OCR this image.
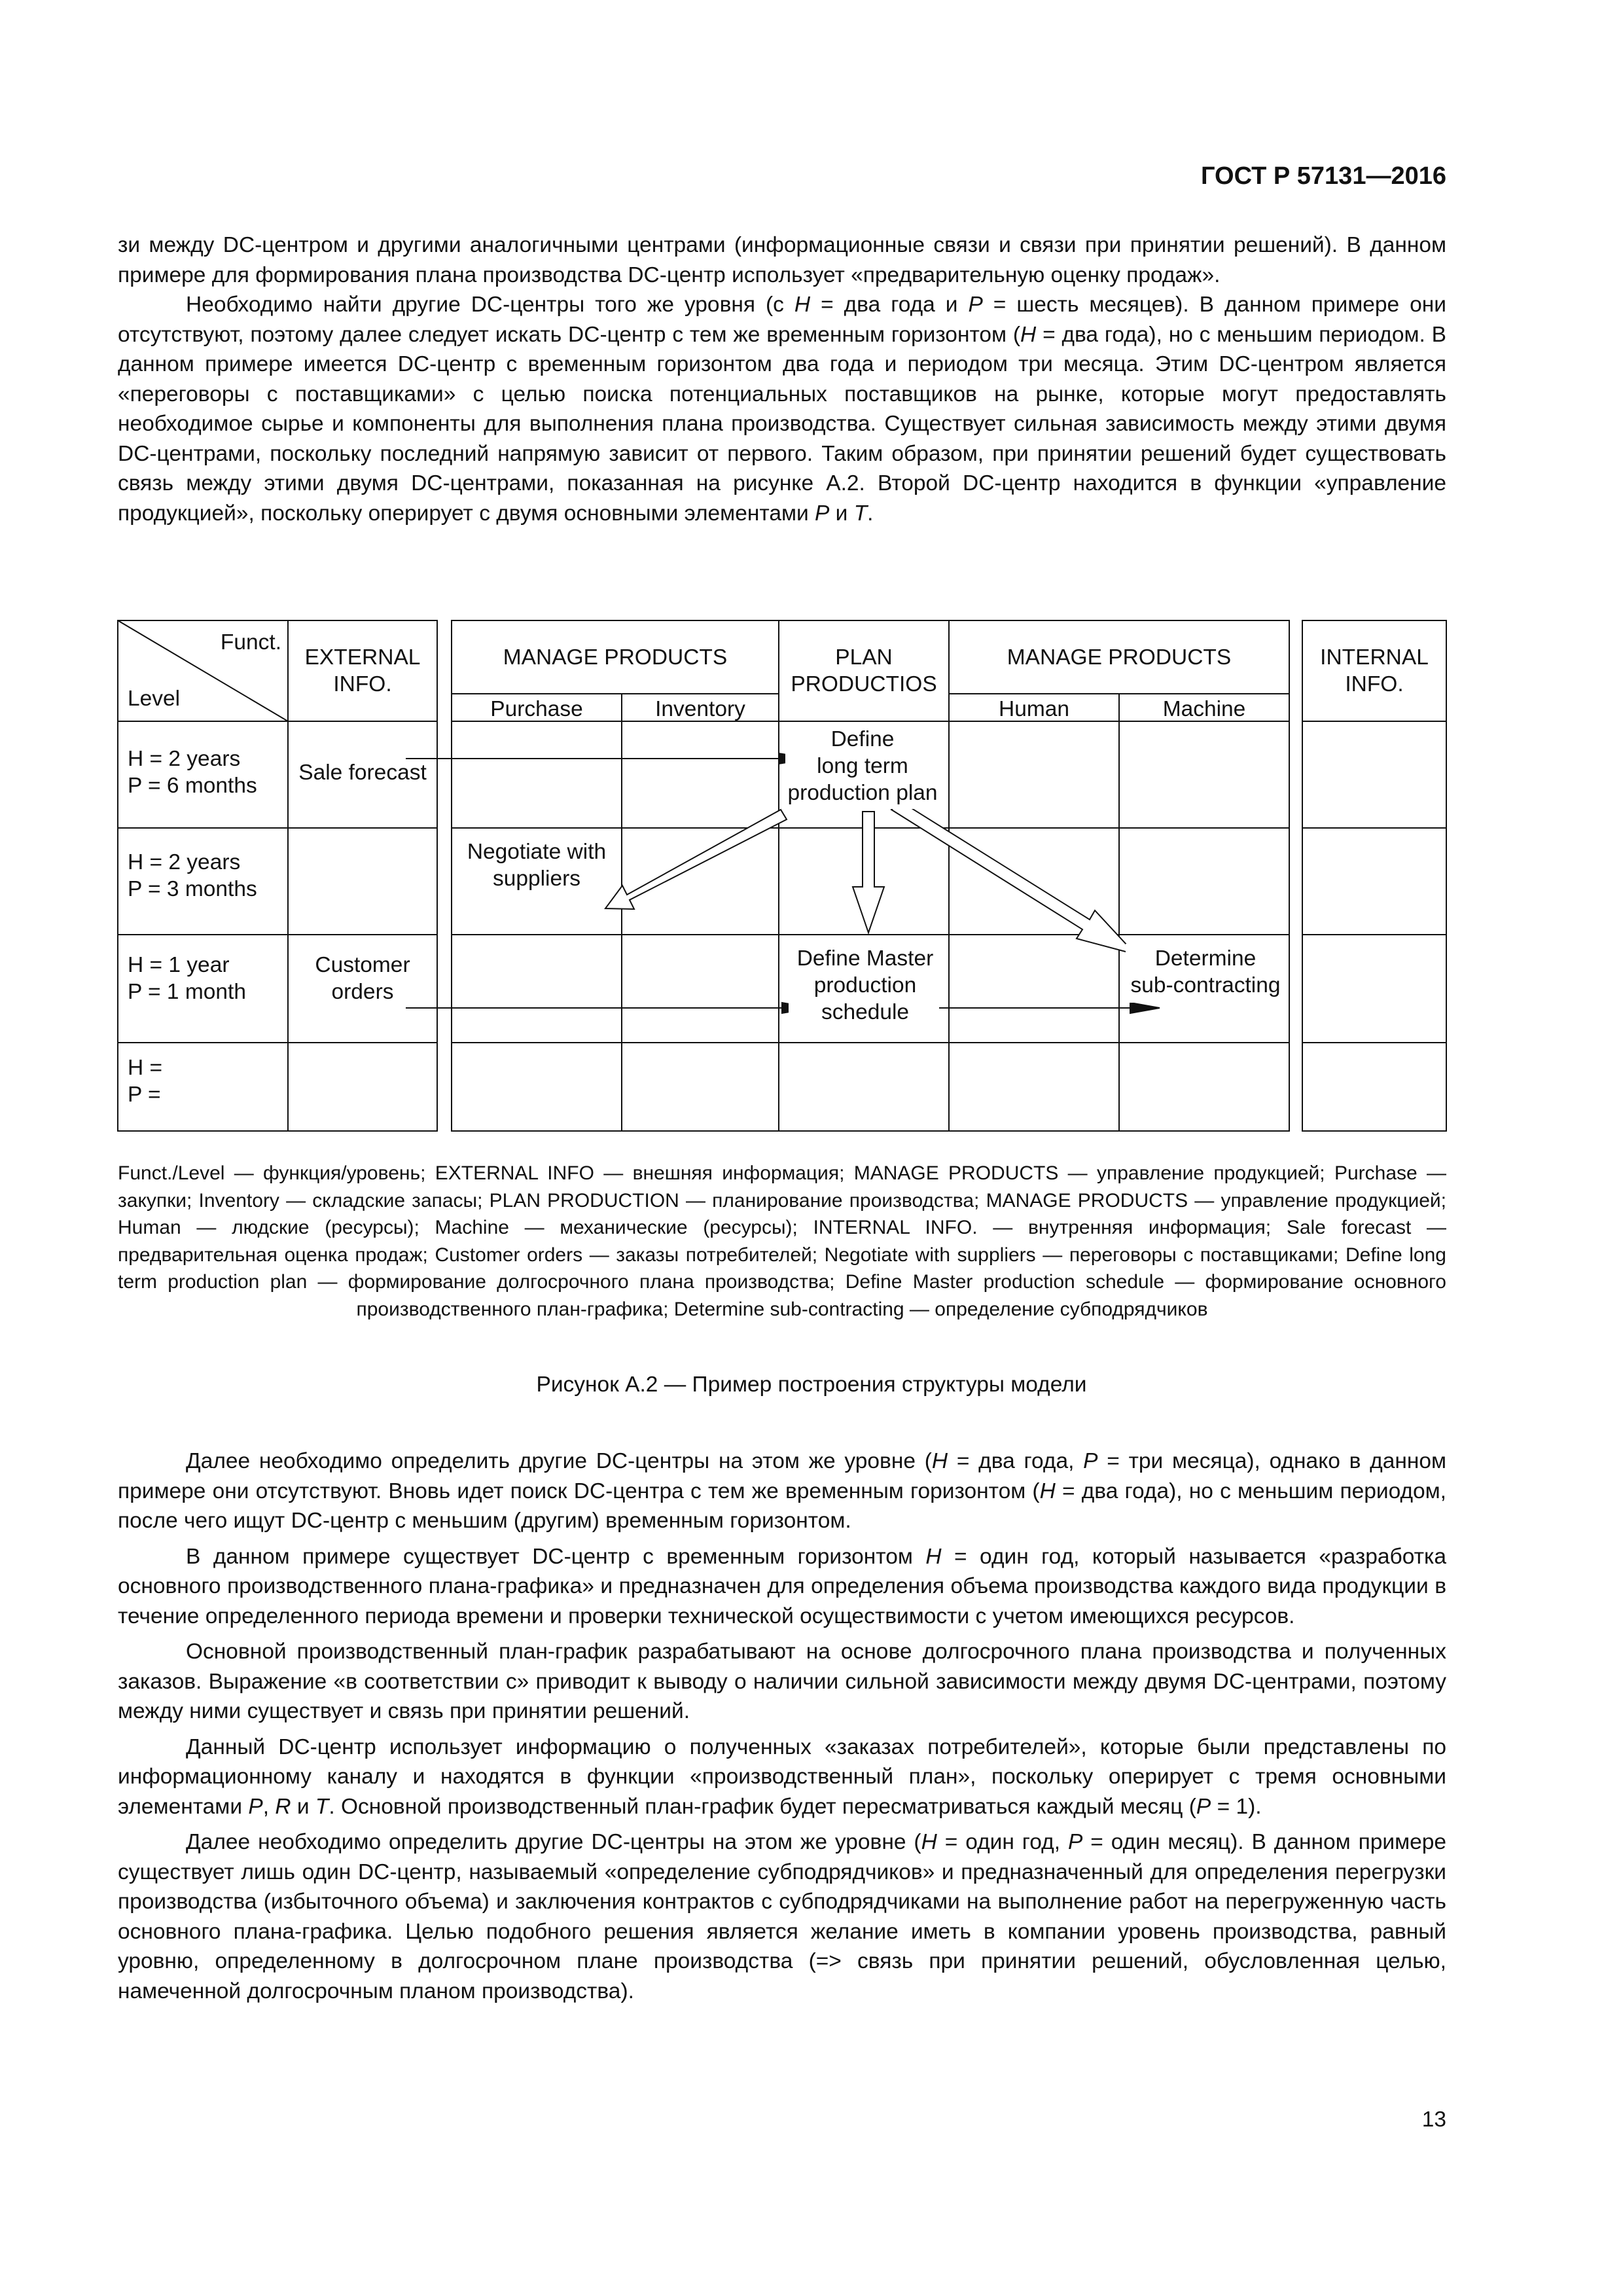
ГОСТ Р 57131—2016

зи между DC-центром и другими аналогичными центрами (информационные связи и связи при принятии решений). В данном примере для формирования плана производства DC-центр использует «предварительную оценку продаж».

Необходимо найти другие DC-центры того же уровня (с H = два года и P = шесть месяцев). В данном примере они отсутствуют, поэтому далее следует искать DC-центр с тем же временным горизонтом (H = два года), но с меньшим периодом. В данном примере имеется DC-центр с временным горизонтом два года и периодом три месяца. Этим DC-центром является «переговоры с поставщиками» с целью поиска потенциальных поставщиков на рынке, которые могут предоставлять необходимое сырье и компоненты для выполнения плана производства. Существует сильная зависимость между этими двумя DC-центрами, поскольку последний напрямую зависит от первого. Таким образом, при принятии решений будет существовать связь между этими двумя DC-центрами, показанная на рисунке А.2. Второй DC-центр находится в функции «управление продукцией», поскольку оперирует с двумя основными элементами P и T.

Funct.
Level
EXTERNAL
INFO.
MANAGE PRODUCTS
Purchase	Inventory
PLAN
PRODUCTIOS
MANAGE PRODUCTS
Human	Machine
INTERNAL
INFO.
H = 2 years
P = 6 months
H = 2 years
P = 3 months
H = 1 year
P = 1 month
H =
P =
Sale forecast
Define
long term
production plan
Negotiate with
suppliers
Customer
orders
Define Master
production
schedule
Determine
sub-contracting
Funct./Level — функция/уровень; EXTERNAL INFO — внешняя информация; MANAGE PRODUCTS — управление продукцией; Purchase — закупки; Inventory — складские запасы; PLAN PRODUCTION — планирование производства; MANAGE PRODUCTS — управление продукцией; Human — людские (ресурсы); Machine — механические (ресурсы); INTERNAL INFO. — внутренняя информация; Sale forecast — предварительная оценка продаж; Customer orders — заказы потребителей; Negotiate with suppliers — переговоры с поставщиками; Define long term production plan — формирование долгосрочного плана производства; Define Master production schedule — формирование основного производственного план-графика; Determine sub-contracting — определение субподрядчиков
Рисунок А.2 — Пример построения структуры модели

Далее необходимо определить другие DC-центры на этом же уровне (H = два года, P = три месяца), однако в данном примере они отсутствуют. Вновь идет поиск DC-центра с тем же временным горизонтом (H = два года), но с меньшим периодом, после чего ищут DC-центр с меньшим (другим) временным горизонтом.

В данном примере существует DC-центр с временным горизонтом H = один год, который называется «разработка основного производственного плана-графика» и предназначен для определения объема производства каждого вида продукции в течение определенного периода времени и проверки технической осуществимости с учетом имеющихся ресурсов.

Основной производственный план-график разрабатывают на основе долгосрочного плана производства и полученных заказов. Выражение «в соответствии с» приводит к выводу о наличии сильной зависимости между двумя DC-центрами, поэтому между ними существует и связь при принятии решений.

Данный DC-центр использует информацию о полученных «заказах потребителей», которые были представлены по информационному каналу и находятся в функции «производственный план», поскольку оперирует с тремя основными элементами P, R и T. Основной производственный план-график будет пересматриваться каждый месяц (P = 1).

Далее необходимо определить другие DC-центры на этом же уровне (H = один год, P = один месяц). В данном примере существует лишь один DC-центр, называемый «определение субподрядчиков» и предназначенный для определения перегрузки производства (избыточного объема) и заключения контрактов с субподрядчиками на выполнение работ на перегруженную часть основного плана-графика. Целью подобного решения является желание иметь в компании уровень производства, равный уровню, определенному в долгосрочном плане производства (=> связь при принятии решений, обусловленная целью, намеченной долгосрочным планом производства).

13
